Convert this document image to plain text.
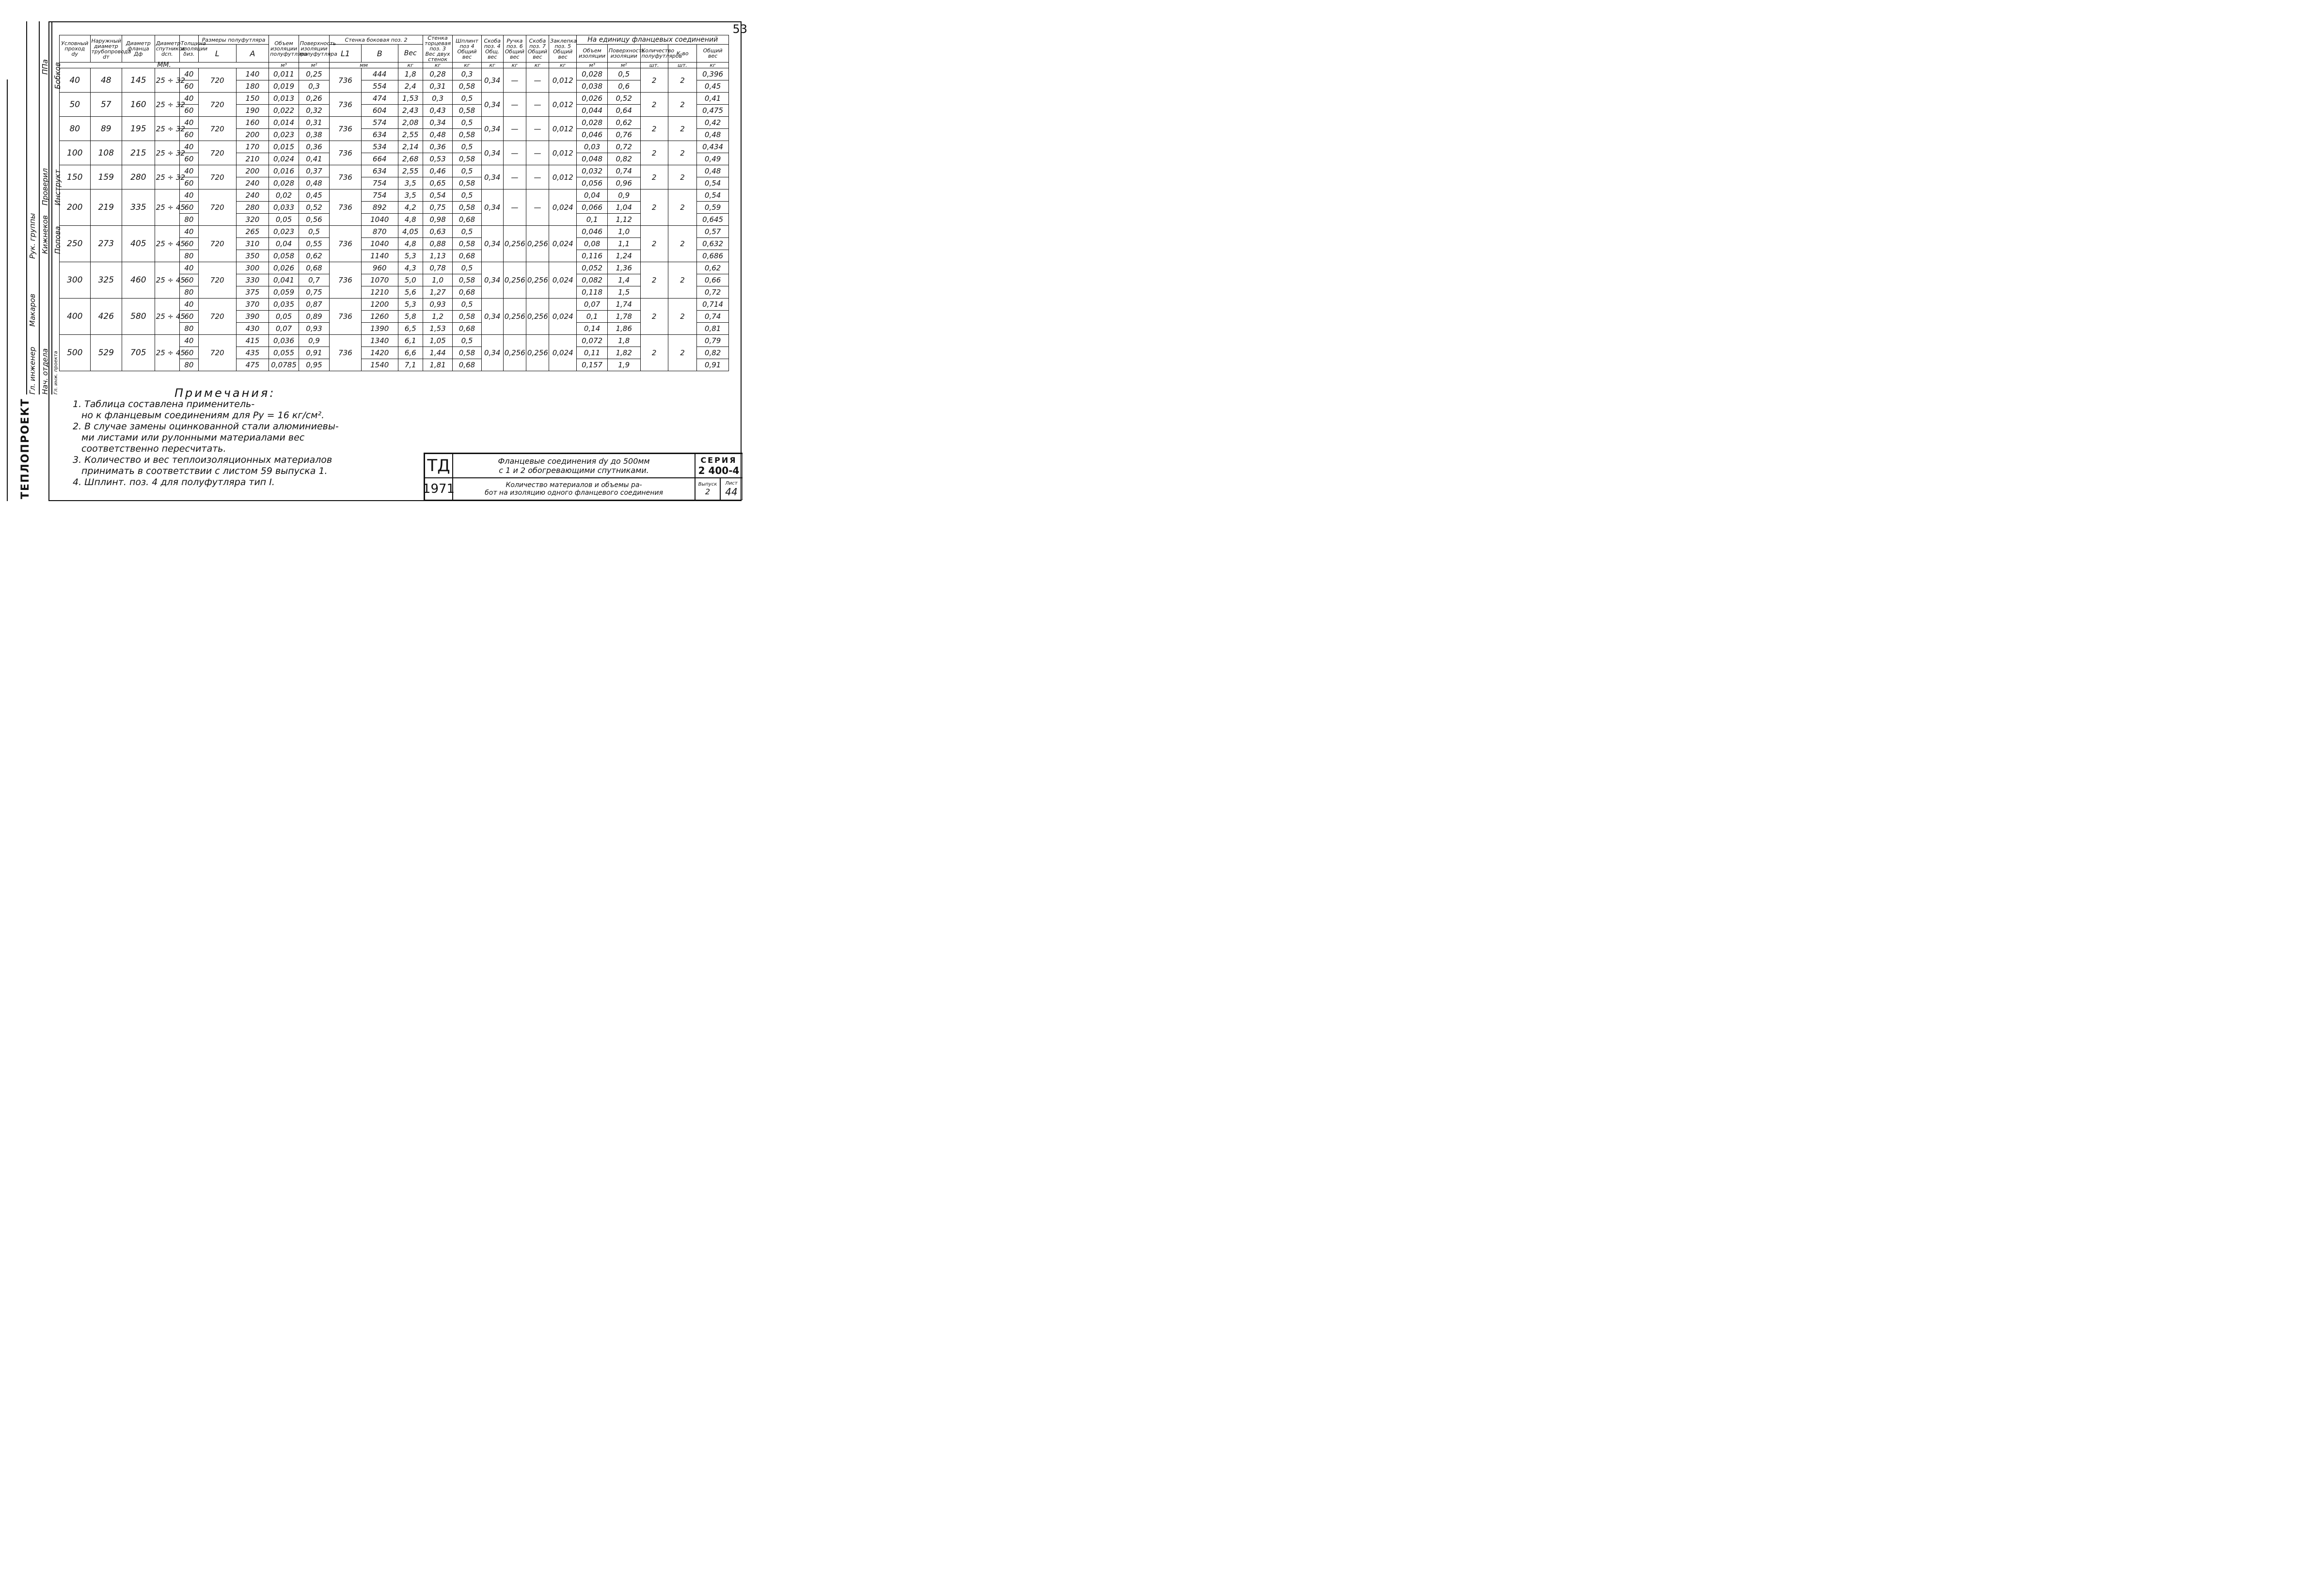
53
Гл. инженер Нач. отдела
Рук. группы
Проверил
Гл. инж. проекта
Макаров
Кижнеков Попова
Бобков
Инструкт
ППа
ТЕПЛОПРОЕКТ
Условный проход dy	Наружный диаметр трубопровода dт	Диаметр фланца Дф	Диаметр спутников dсп.	Толщина изоляции δиз.	Размеры полуфутляра		Объем изоляции полуфутляра	Поверхность изоляции полуфутляра	Стенка боковая поз. 2			Стенка торцевая поз. 3 Вес двух стенок	Шплинт поз 4 Общий вес	Скоба поз. 4 Общ. вес	Ручка поз. 6 Общий вес	Скоба поз. 7 Общий вес	Заклепка поз. 5 Общий вес	На единицу фланцевых соединений				
					L	A			L1	B	Вес							Объем изоляции	Поверхность изоляции	Количество полуфутляров	К-во	Общий вес
ММ.							м³	м²	мм		кг	кг	кг	кг	кг	кг	кг	м³	м²	шт.	шт.	кг
40	48	145	25 ÷ 32	40	720	140	0,011	0,25	736	444	1,8	0,28	0,3	0,34	—	—	0,012	0,028	0,5	2	2	0,396
				60		180	0,019	0,3		554	2,4	0,31	0,58					0,038	0,6			0,45
50	57	160	25 ÷ 32	40	720	150	0,013	0,26	736	474	1,53	0,3	0,5	0,34	—	—	0,012	0,026	0,52	2	2	0,41
				60		190	0,022	0,32		604	2,43	0,43	0,58					0,044	0,64			0,475
80	89	195	25 ÷ 32	40	720	160	0,014	0,31	736	574	2,08	0,34	0,5	0,34	—	—	0,012	0,028	0,62	2	2	0,42
				60		200	0,023	0,38		634	2,55	0,48	0,58					0,046	0,76			0,48
100	108	215	25 ÷ 32	40	720	170	0,015	0,36	736	534	2,14	0,36	0,5	0,34	—	—	0,012	0,03	0,72	2	2	0,434
				60		210	0,024	0,41		664	2,68	0,53	0,58					0,048	0,82			0,49
150	159	280	25 ÷ 32	40	720	200	0,016	0,37	736	634	2,55	0,46	0,5	0,34	—	—	0,012	0,032	0,74	2	2	0,48
				60		240	0,028	0,48		754	3,5	0,65	0,58					0,056	0,96			0,54
200	219	335	25 ÷ 45	40	720	240	0,02	0,45	736	754	3,5	0,54	0,5	0,34	—	—	0,024	0,04	0,9	2	2	0,54
				60		280	0,033	0,52		892	4,2	0,75	0,58					0,066	1,04			0,59
				80		320	0,05	0,56		1040	4,8	0,98	0,68					0,1	1,12			0,645
250	273	405	25 ÷ 45	40	720	265	0,023	0,5	736	870	4,05	0,63	0,5	0,34	0,256	0,256	0,024	0,046	1,0	2	2	0,57
				60		310	0,04	0,55		1040	4,8	0,88	0,58					0,08	1,1			0,632
				80		350	0,058	0,62		1140	5,3	1,13	0,68					0,116	1,24			0,686
300	325	460	25 ÷ 45	40	720	300	0,026	0,68	736	960	4,3	0,78	0,5	0,34	0,256	0,256	0,024	0,052	1,36	2	2	0,62
				60		330	0,041	0,7		1070	5,0	1,0	0,58					0,082	1,4			0,66
				80		375	0,059	0,75		1210	5,6	1,27	0,68					0,118	1,5			0,72
400	426	580	25 ÷ 45	40	720	370	0,035	0,87	736	1200	5,3	0,93	0,5	0,34	0,256	0,256	0,024	0,07	1,74	2	2	0,714
				60		390	0,05	0,89		1260	5,8	1,2	0,58					0,1	1,78			0,74
				80		430	0,07	0,93		1390	6,5	1,53	0,68					0,14	1,86			0,81
500	529	705	25 ÷ 45	40	720	415	0,036	0,9	736	1340	6,1	1,05	0,5	0,34	0,256	0,256	0,024	0,072	1,8	2	2	0,79
				60		435	0,055	0,91		1420	6,6	1,44	0,58					0,11	1,82			0,82
				80		475	0,0785	0,95		1540	7,1	1,81	0,68					0,157	1,9			0,91
Примечания:
1. Таблица составлена применитель-
но к фланцевым соединениям для Ру = 16 кг/см².
2. В случае замены оцинкованной стали алюминиевы-
ми листами или рулонными материалами вес
соответственно пересчитать.
3. Количество и вес теплоизоляционных материалов
принимать в соответствии с листом 59 выпуска 1.
4. Шплинт. поз. 4 для полуфутляра тип I.
ТД
1971
Фланцевые соединения dy до 500мм
с 1 и 2 обогревающими спутниками.
Количество материалов и объемы ра-
бот на изоляцию одного фланцевого соединения
СЕРИЯ
2 400-4
Выпуск
2
Лист
44
